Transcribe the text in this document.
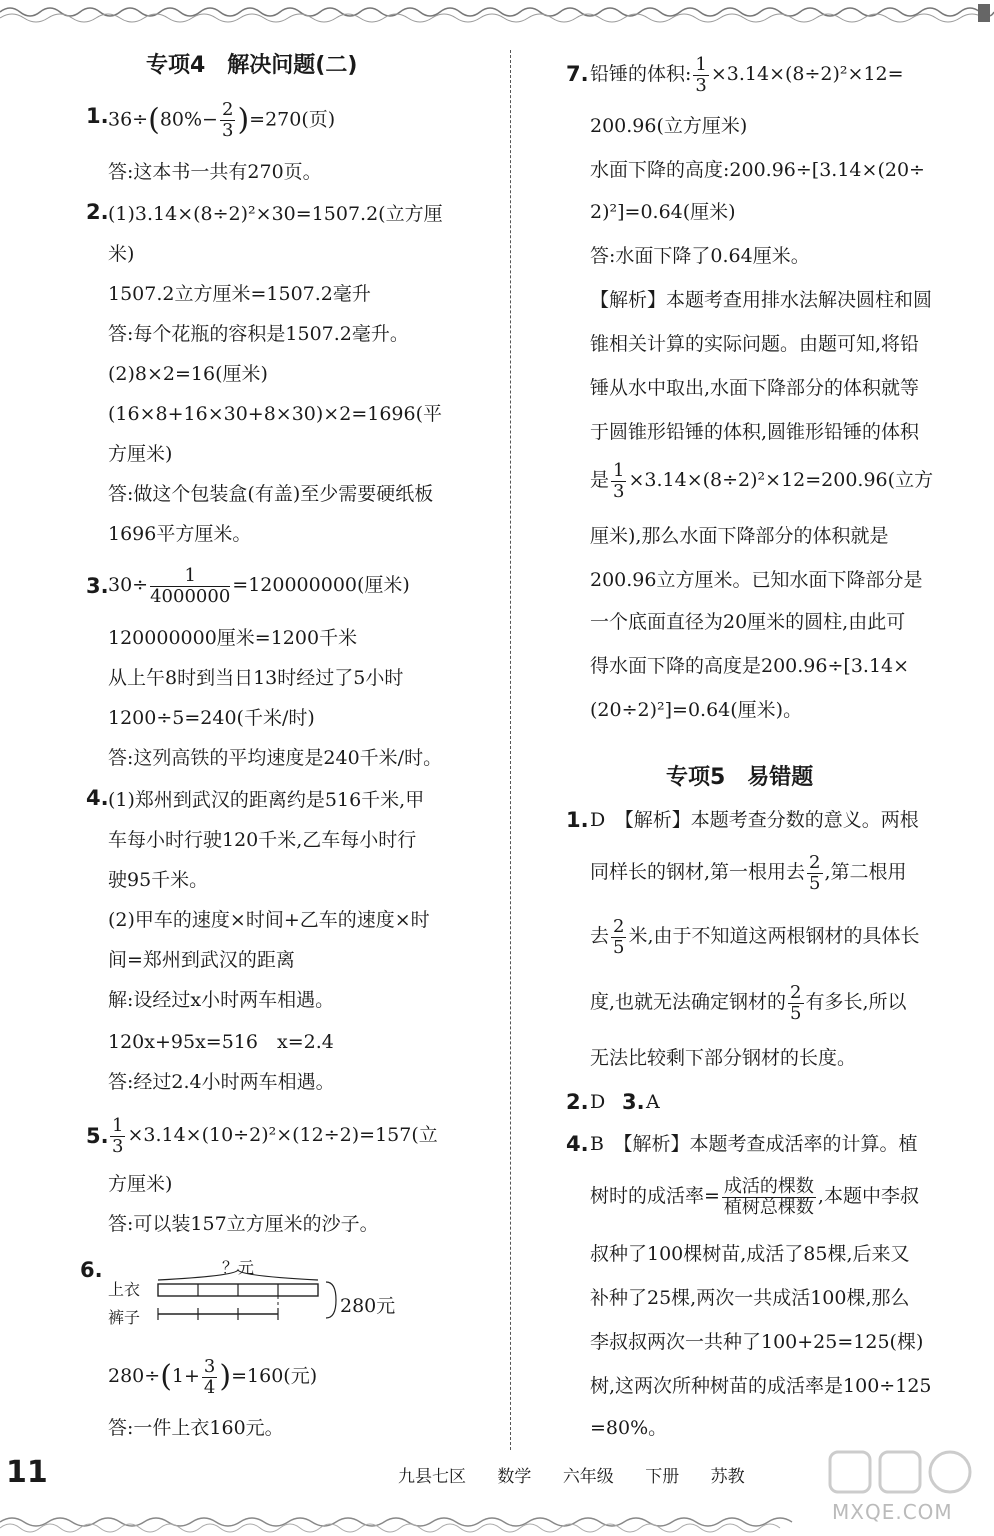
专项4　解决问题(二)
1. $36\div(80\%- \frac{2}{3} )=270$(页)
答:这本书一共有270页。
2. (1)3.14×(8÷2)²×30=1507.2(立方厘
米)
1507.2立方厘米=1507.2毫升
答:每个花瓶的容积是1507.2毫升。
(2)8×2=16(厘米)
(16×8+16×30+8×30)×2=1696(平
方厘米)
答:做这个包装盒(有盖)至少需要硬纸板
1696平方厘米。
3. $30\div \frac{1}{4000000} =120000000$(厘米)
120000000厘米=1200千米
从上午8时到当日13时经过了5小时
1200÷5=240(千米/时)
答:这列高铁的平均速度是240千米/时。
4. (1)郑州到武汉的距离约是516千米,甲
车每小时行驶120千米,乙车每小时行
驶95千米。
(2)甲车的速度×时间+乙车的速度×时
间=郑州到武汉的距离
解:设经过x小时两车相遇。
120x+95x=516　x=2.4
答:经过2.4小时两车相遇。
5. $\frac{1}{3} \times 3.14\times(10\div 2)^2\times(12\div 2)=157$(立
方厘米)
答:可以装157立方厘米的沙子。
6.	？元
上衣
裤子
280元
$280\div(1+ \frac{3}{4} )=160$(元)
答:一件上衣160元。
7. 铅锤的体积: $\frac{1}{3} \times 3.14\times(8\div 2)^2\times 12=$
200.96(立方厘米)
水面下降的高度:200.96÷[3.14×(20÷
2)²]=0.64(厘米)
答:水面下降了0.64厘米。
【解析】本题考查用排水法解决圆柱和圆
锥相关计算的实际问题。由题可知,将铅
锤从水中取出,水面下降部分的体积就等
于圆锥形铅锤的体积,圆锥形铅锤的体积
是 $\frac{1}{3} \times 3.14\times(8\div 2)^2\times 12=200.96$(立方
厘米),那么水面下降部分的体积就是
200.96立方厘米。已知水面下降部分是
一个底面直径为20厘米的圆柱,由此可
得水面下降的高度是200.96÷[3.14×
(20÷2)²]=0.64(厘米)。
专项5　易错题
1. D　【解析】本题考查分数的意义。两根
同样长的钢材,第一根用去 $\frac{2}{5}$ ,第二根用
去 $\frac{2}{5}$ 米,由于不知道这两根钢材的具体长
度,也就无法确定钢材的 $\frac{2}{5}$ 有多长,所以
无法比较剩下部分钢材的长度。
2. D 3. A
4. B　【解析】本题考查成活率的计算。植
树时的成活率= $\frac{\text{成活的棵数}}{\text{植树总棵数}}$ ,本题中李叔
叔种了100棵树苗,成活了85棵,后来又
补种了25棵,两次一共成活100棵,那么
李叔叔两次一共种了100+25=125(棵)
树,这两次所种树苗的成活率是100÷125
=80%。
11	九县七区 数学 六年级 下册 苏教
MXQE.COM
